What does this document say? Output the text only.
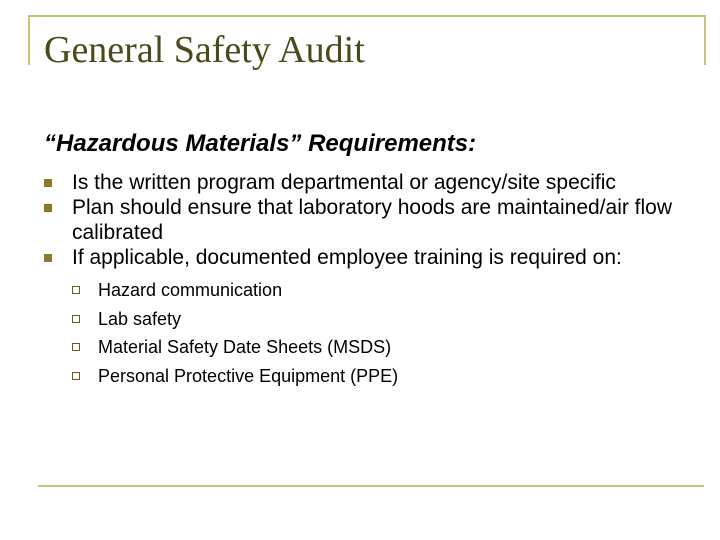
General Safety Audit
“Hazardous Materials” Requirements:
Is the written program departmental or agency/site specific
Plan should ensure that laboratory hoods are maintained/air flow calibrated
If applicable, documented employee training is required on:
Hazard communication
Lab safety
Material Safety Date Sheets (MSDS)
Personal Protective Equipment (PPE)
